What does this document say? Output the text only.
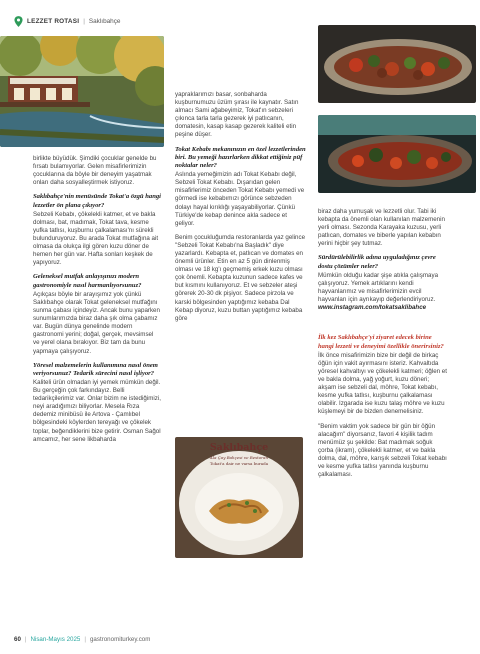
LEZZET ROTASI | Saklıbahçe
Saklıbahçe
Ala Çay Bahçesi ve Restoran
Tokat'a dair ne varsa burada

birlikte büyüdük. Şimdiki çocuklar genelde bu fırsatı bulamıyorlar. Gelen misafirlerimizin çocuklarına da böyle bir deneyim yaşatmak onları daha sosyalleştirmek istiyoruz.

Saklıbahçe'nin menüsünde Tokat'a özgü hangi lezzetler ön plana çıkıyor?

Sebzeli Kebabı, çökelekli katmer, et ve bakla dolması, bat, madımak, Tokat tava, kesme yufka tatlısı, kuşburnu çalkalaması'nı sürekli bulunduruyoruz. Bu arada Tokat mutfağına ait olmasa da olukça ilgi gören kuzu döner de hemen her gün var. Hafta sonları keşkek de yapıyoruz.

Geleneksel mutfak anlayışınızı modern gastronomiyle nasıl harmanlıyorsunuz?

Açıkçası böyle bir arayışımız yok çünkü Saklıbahçe olarak Tokat geleneksel mutfağını sunma çabası içindeyiz. Ancak bunu yaparken sunumlarımızda biraz daha şık olma çabamız var. Bugün dünya genelinde modern gastronomi yerini; doğal, gerçek, mevsimsel ve yerel olana bırakıyor. Biz tam da bunu yapmaya çalışıyoruz.

Yöresel malzemelerin kullanımına nasıl önem veriyorsunuz? Tedarik sürecini nasıl işliyor?

Kaliteli ürün olmadan iyi yemek mümkün değil. Bu gerçeğin çok farkındayız. Belli tedarikçilerimiz var. Onlar bizim ne istediğimizi, neyi aradığımızı biliyorlar. Mesela Rıza dedemiz minibüsü ile Artova - Çamlıbel bölgesindeki köylerden tereyağı ve çökelek toplar, beğendiklerini bize getirir. Osman Sağol amcamız, her sene likbaharda

yapraklarımızı basar, sonbaharda kuşburnumuzu üzüm şırası ile kaynatır. Satın almacı Sami ağabeyimiz, Tokat'ın sebzeleri çıkınca tarla tarla gezerek iyi patlıcanın, domatesin, kasap kasap gezerek kaliteli etin peşine düşer.

Tokat Kebabı mekanınızın en özel lezzetlerinden biri. Bu yemeği hazırlarken dikkat ettiğiniz püf noktalar neler?

Aslında yemeğimizin adı Tokat Kebabı değil, Sebzeli Tokat Kebabı. Dışarıdan gelen misafirlerimiz önceden Tokat Kebabı yemedi ve görmedi ise kebabımızı görünce sebzeden dolayı hayal kırıklığı yaşayabiliyorlar. Çünkü Türkiye'de kebap denince akla sadece et geliyor.

Benim çocukluğumda restoranlarda yaz gelince "Sebzeli Tokat Kebabı'na Başladık" diye yazarlardı. Kebapta et, patlıcan ve domates en önemli ürünler. Etin en az 5 gün dinlenmiş olması ve 18 kg'ı geçmemiş erkek kuzu olması çok önemli. Kebapta kuzunun sadece kafes ve but kısmını kullanıyoruz. Et ve sebzeler ateşi görerek 20-30 dk pişiyor. Sadece pirzola ve karski bölgesinden yaptığımız kebaba Dal Kebap diyoruz, kuzu buttan yaptığımız kebaba göre

biraz daha yumuşak ve lezzetli olur. Tabi iki kebapta da önemli olan kullanılan malzemenin yerli olması. Sezonda Karayaka kuzusu, yerli patlıcan, domates ve biberle yapılan kebabın yerini hiçbir şey tutmaz.

Sürdürülebilirlik adına uyguladığınız çevre dostu çözümler neler?

Mümkün olduğu kadar şişe atıkla çalışmaya çalışıyoruz. Yemek artıklarını kendi hayvanlarımız ve misafirlerimizin evcil hayvanları için ayrıkayıp değerlendiriyoruz.

www.instagram.com/tokatsaklibahce
İlk kez Saklıbahçe'yi ziyaret edecek birine hangi lezzeti ve deneyimi özellikle önerirsiniz?

İlk önce misafirimizin bize bir değil de birkaç öğün için vakit ayırmasını isteriz. Kahvaltıda yöresel kahvaltıyı ve çökelekli katmeri; öğlen et ve bakla dolma, yağ yoğurt, kuzu döneri; akşam ise sebzeli dal, möhre, Tokat kebabı, kesme yufka tatlısı, kuşburnu çalkalaması olabilir. Izgarada ise kuzu talaş möhre ve kuzu küşlemeyi bir de bizden denemelisiniz.

"Benim vaktim yok sadece bir gün bir öğün alacağım" diyorsanız, favori 4 kişilik tadım menümüz şu şekilde: Bat madımak soğuk çorba (ikram), çökelekli katmer, et ve bakla dolma, dal, möhre, karışık sebzeli Tokat kebabı ve kesme yufka tatlısı yanında kuşburnu çalkalaması.

60 | Nisan-Mayıs 2025 | gastronomiturkey.com
